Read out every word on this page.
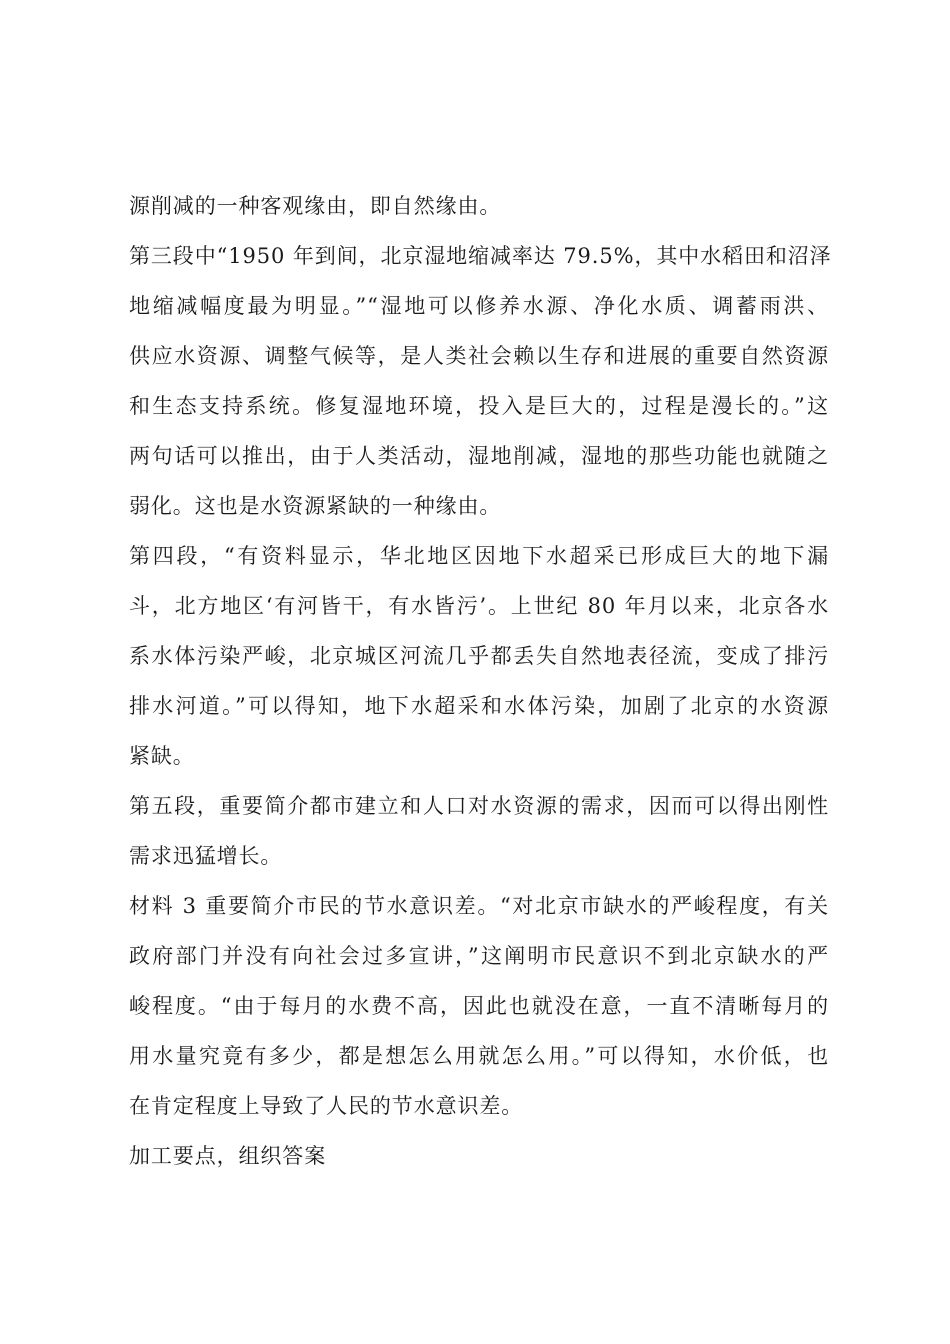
源削减的一种客观缘由，即自然缘由。

第三段中“1950 年到间，北京湿地缩减率达 79.5%，其中水稻田和沼泽

地缩减幅度最为明显。”“湿地可以修养水源、净化水质、调蓄雨洪、

供应水资源、调整气候等，是人类社会赖以生存和进展的重要自然资源

和生态支持系统。修复湿地环境，投入是巨大的，过程是漫长的。”这

两句话可以推出，由于人类活动，湿地削减，湿地的那些功能也就随之

弱化。这也是水资源紧缺的一种缘由。

第四段，“有资料显示，华北地区因地下水超采已形成巨大的地下漏

斗，北方地区‘有河皆干，有水皆污’。上世纪 80 年月以来，北京各水

系水体污染严峻，北京城区河流几乎都丢失自然地表径流，变成了排污

排水河道。”可以得知，地下水超采和水体污染，加剧了北京的水资源

紧缺。

第五段，重要简介都市建立和人口对水资源的需求，因而可以得出刚性

需求迅猛增长。

材料 3 重要简介市民的节水意识差。“对北京市缺水的严峻程度，有关

政府部门并没有向社会过多宣讲，”这阐明市民意识不到北京缺水的严

峻程度。“由于每月的水费不高，因此也就没在意，一直不清晰每月的

用水量究竟有多少，都是想怎么用就怎么用。”可以得知，水价低，也

在肯定程度上导致了人民的节水意识差。

加工要点，组织答案
